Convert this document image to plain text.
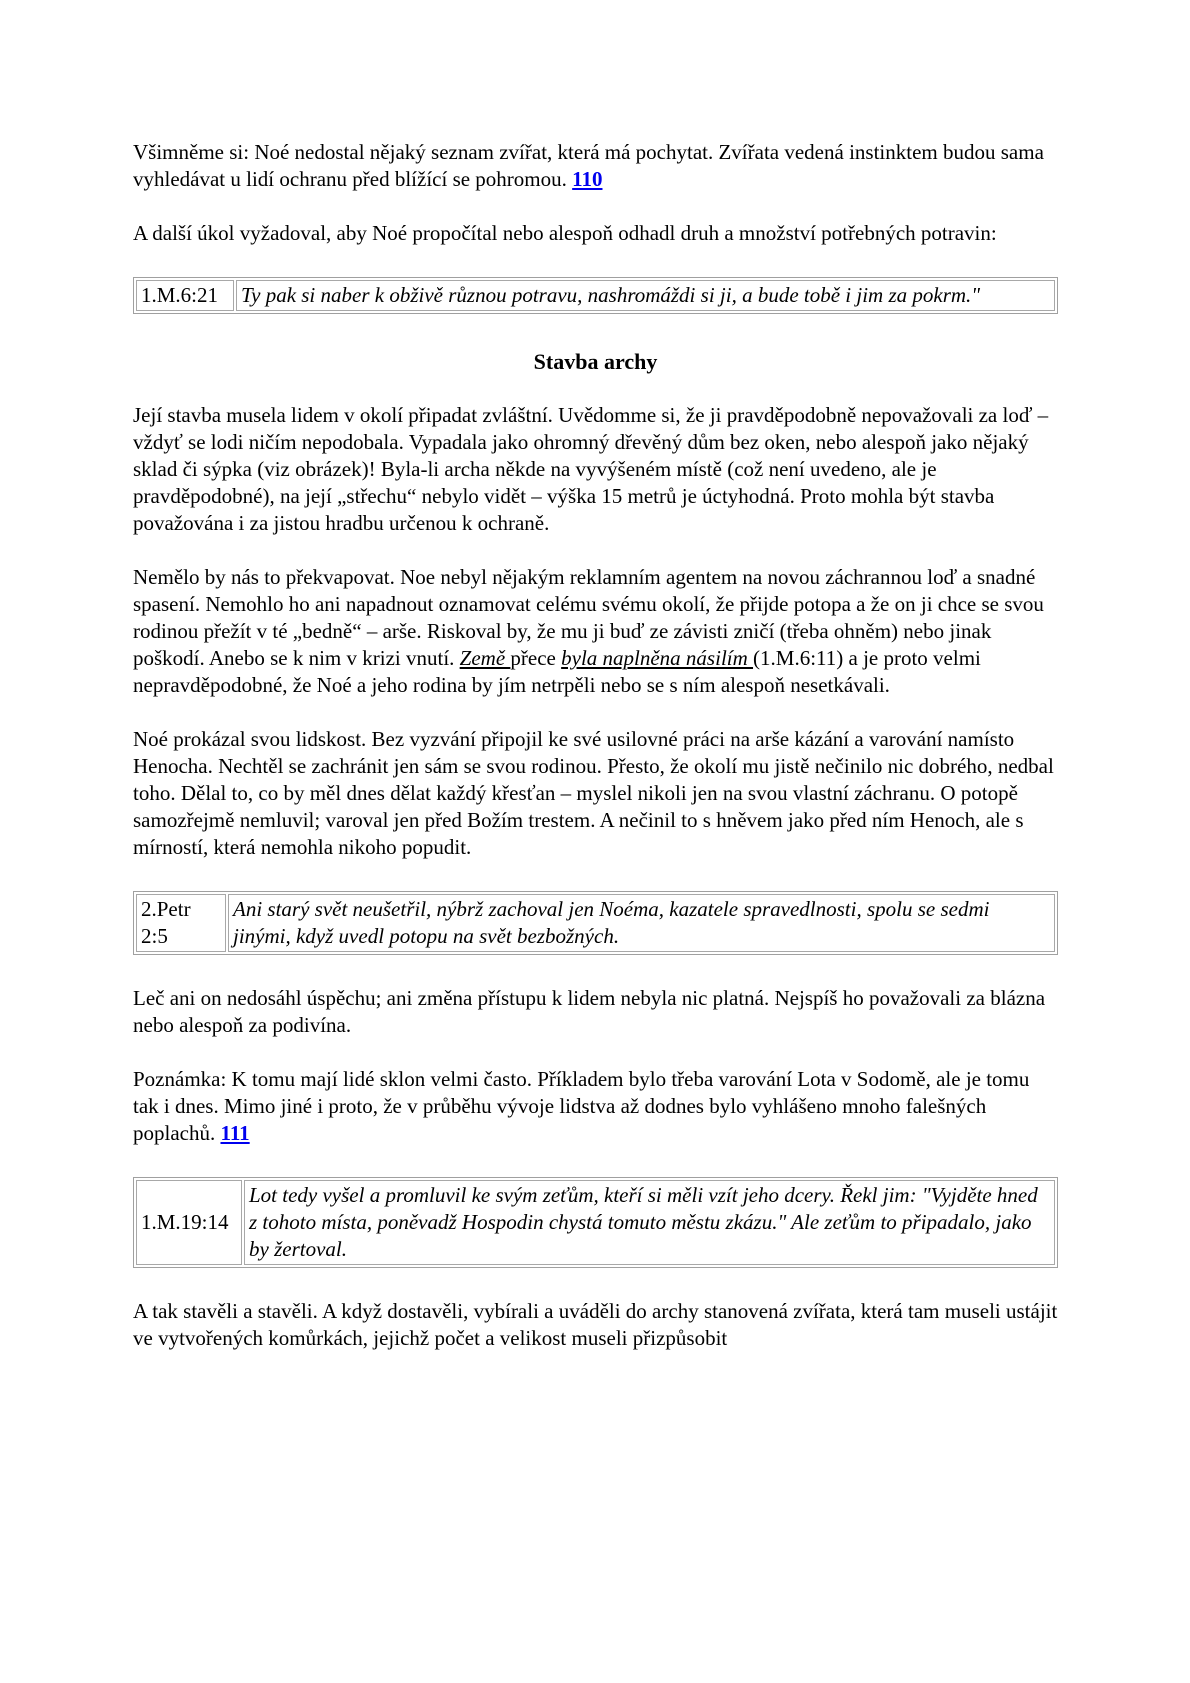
Všimněme si: Noé nedostal nějaký seznam zvířat, která má pochytat. Zvířata vedená instinktem budou sama vyhledávat u lidí ochranu před blížící se pohromou. 110

A další úkol vyžadoval, aby Noé propočítal nebo alespoň odhadl druh a množství potřebných potravin:

1.M.6:21	Ty pak si naber k obživě různou potravu, nashromáždi si ji, a bude tobě i jim za pokrm."
Stavba archy

Její stavba musela lidem v okolí připadat zvláštní. Uvědomme si, že ji pravděpodobně nepovažovali za loď – vždyť se lodi ničím nepodobala. Vypadala jako ohromný dřevěný dům bez oken, nebo alespoň jako nějaký sklad či sýpka (viz obrázek)! Byla-li archa někde na vyvýšeném místě (což není uvedeno, ale je pravděpodobné), na její „střechu“ nebylo vidět – výška 15 metrů je úctyhodná. Proto mohla být stavba považována i za jistou hradbu určenou k ochraně.

Nemělo by nás to překvapovat. Noe nebyl nějakým reklamním agentem na novou záchrannou loď a snadné spasení. Nemohlo ho ani napadnout oznamovat celému svému okolí, že přijde potopa a že on ji chce se svou rodinou přežít v té „bedně“ – arše. Riskoval by, že mu ji buď ze závisti zničí (třeba ohněm) nebo jinak poškodí. Anebo se k nim v krizi vnutí. Země přece byla naplněna násilím (1.M.6:11) a je proto velmi nepravděpodobné, že Noé a jeho rodina by jím netrpěli nebo se s ním alespoň nesetkávali.

Noé prokázal svou lidskost. Bez vyzvání připojil ke své usilovné práci na arše kázání a varování namísto Henocha. Nechtěl se zachránit jen sám se svou rodinou. Přesto, že okolí mu jistě nečinilo nic dobrého, nedbal toho. Dělal to, co by měl dnes dělat každý křesťan – myslel nikoli jen na svou vlastní záchranu. O potopě samozřejmě nemluvil; varoval jen před Božím trestem. A nečinil to s hněvem jako před ním Henoch, ale s mírností, která nemohla nikoho popudit.

2.Petr 2:5	Ani starý svět neušetřil, nýbrž zachoval jen Noéma, kazatele spravedlnosti, spolu se sedmi jinými, když uvedl potopu na svět bezbožných.

Leč ani on nedosáhl úspěchu; ani změna přístupu k lidem nebyla nic platná. Nejspíš ho považovali za blázna nebo alespoň za podivína.

Poznámka: K tomu mají lidé sklon velmi často. Příkladem bylo třeba varování Lota v Sodomě, ale je tomu tak i dnes. Mimo jiné i proto, že v průběhu vývoje lidstva až dodnes bylo vyhlášeno mnoho falešných poplachů. 111

1.M.19:14	Lot tedy vyšel a promluvil ke svým zeťům, kteří si měli vzít jeho dcery. Řekl jim: "Vyjděte hned z tohoto místa, poněvadž Hospodin chystá tomuto městu zkázu." Ale zeťům to připadalo, jako by žertoval.

A tak stavěli a stavěli. A když dostavěli, vybírali a uváděli do archy stanovená zvířata, která tam museli ustájit ve vytvořených komůrkách, jejichž počet a velikost museli přizpůsobit
